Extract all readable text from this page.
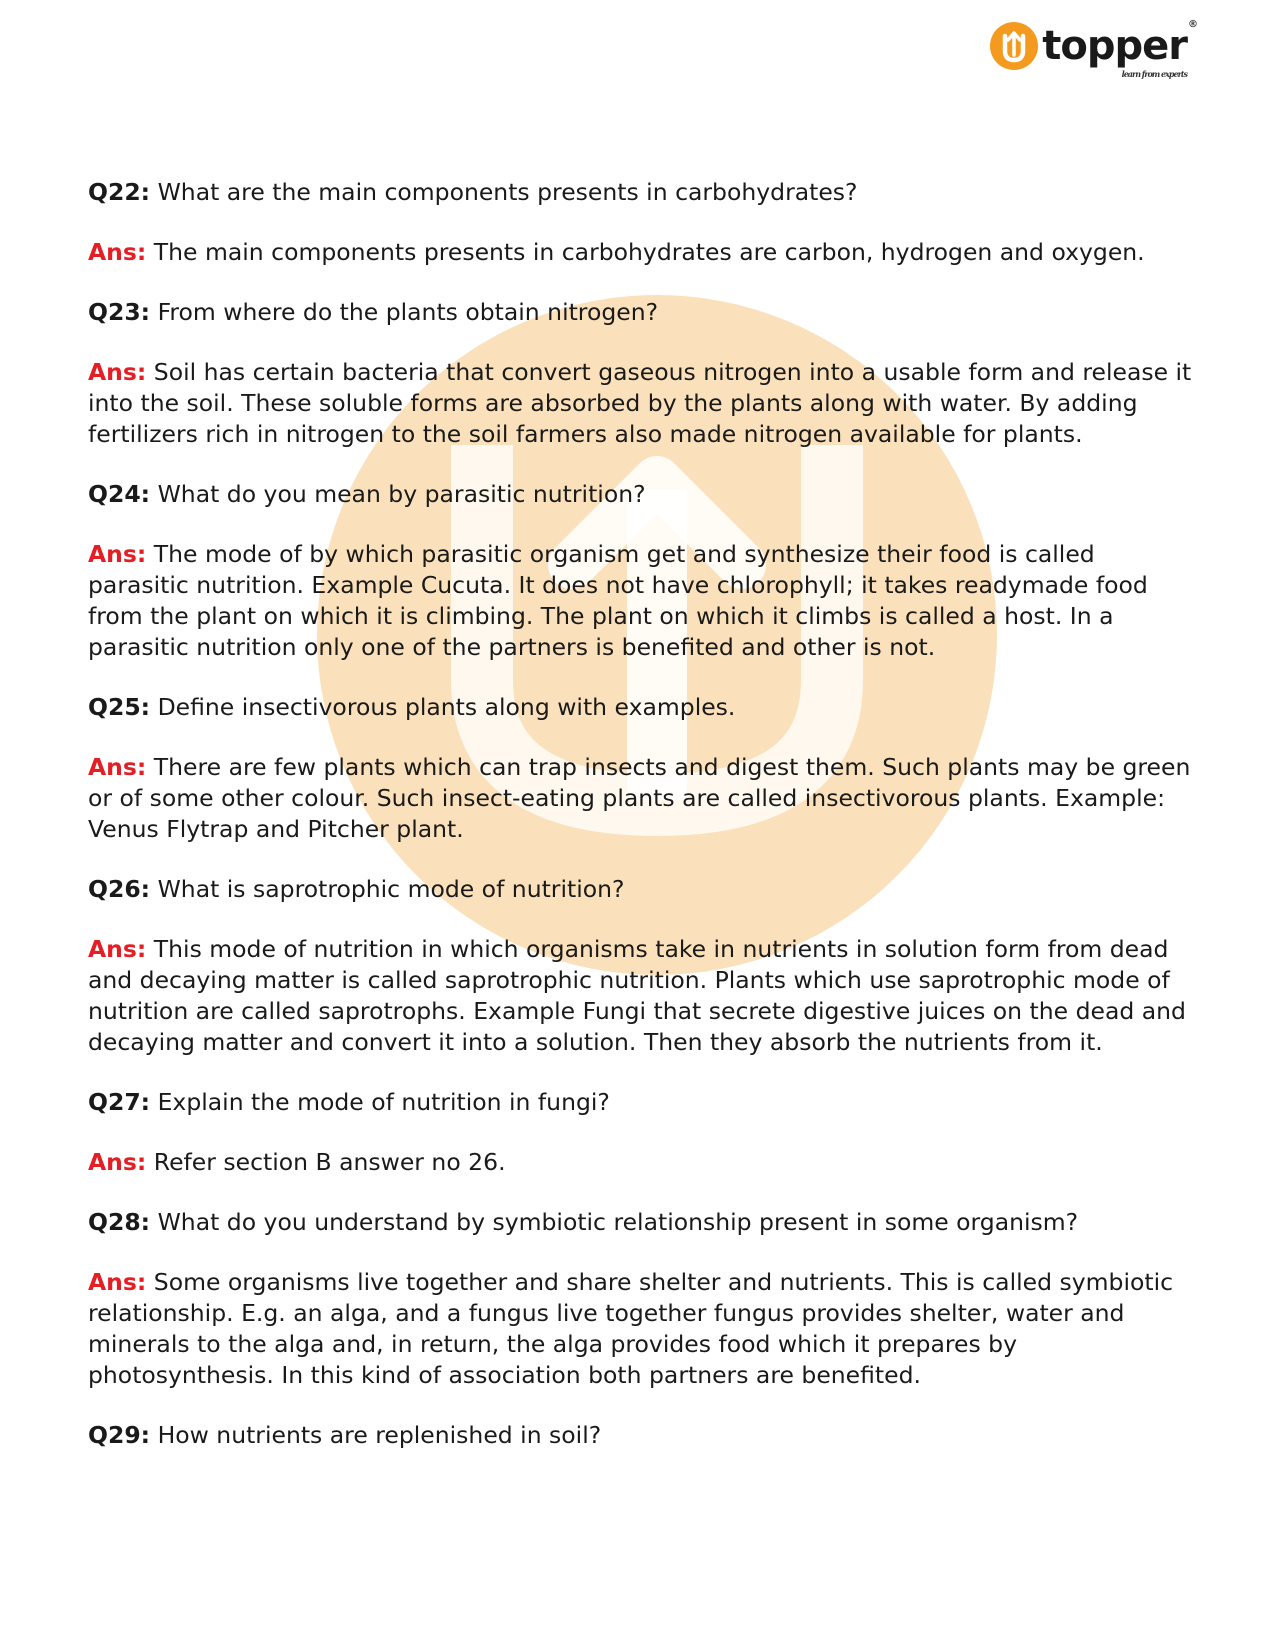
topper ®
learn from experts

Q22: What are the main components presents in carbohydrates?

Ans: The main components presents in carbohydrates are carbon, hydrogen and oxygen.

Q23: From where do the plants obtain nitrogen?

Ans: Soil has certain bacteria that convert gaseous nitrogen into a usable form and release it into the soil. These soluble forms are absorbed by the plants along with water. By adding fertilizers rich in nitrogen to the soil farmers also made nitrogen available for plants.

Q24: What do you mean by parasitic nutrition?

Ans: The mode of by which parasitic organism get and synthesize their food is called parasitic nutrition. Example Cucuta. It does not have chlorophyll; it takes readymade food from the plant on which it is climbing. The plant on which it climbs is called a host. In a parasitic nutrition only one of the partners is benefited and other is not.

Q25: Define insectivorous plants along with examples.

Ans: There are few plants which can trap insects and digest them. Such plants may be green or of some other colour. Such insect-eating plants are called insectivorous plants. Example: Venus Flytrap and Pitcher plant.

Q26: What is saprotrophic mode of nutrition?

Ans: This mode of nutrition in which organisms take in nutrients in solution form from dead and decaying matter is called saprotrophic nutrition. Plants which use saprotrophic mode of nutrition are called saprotrophs. Example Fungi that secrete digestive juices on the dead and decaying matter and convert it into a solution. Then they absorb the nutrients from it.

Q27: Explain the mode of nutrition in fungi?

Ans: Refer section B answer no 26.

Q28: What do you understand by symbiotic relationship present in some organism?

Ans: Some organisms live together and share shelter and nutrients. This is called symbiotic relationship. E.g. an alga, and a fungus live together fungus provides shelter, water and minerals to the alga and, in return, the alga provides food which it prepares by photosynthesis. In this kind of association both partners are benefited.

Q29: How nutrients are replenished in soil?
